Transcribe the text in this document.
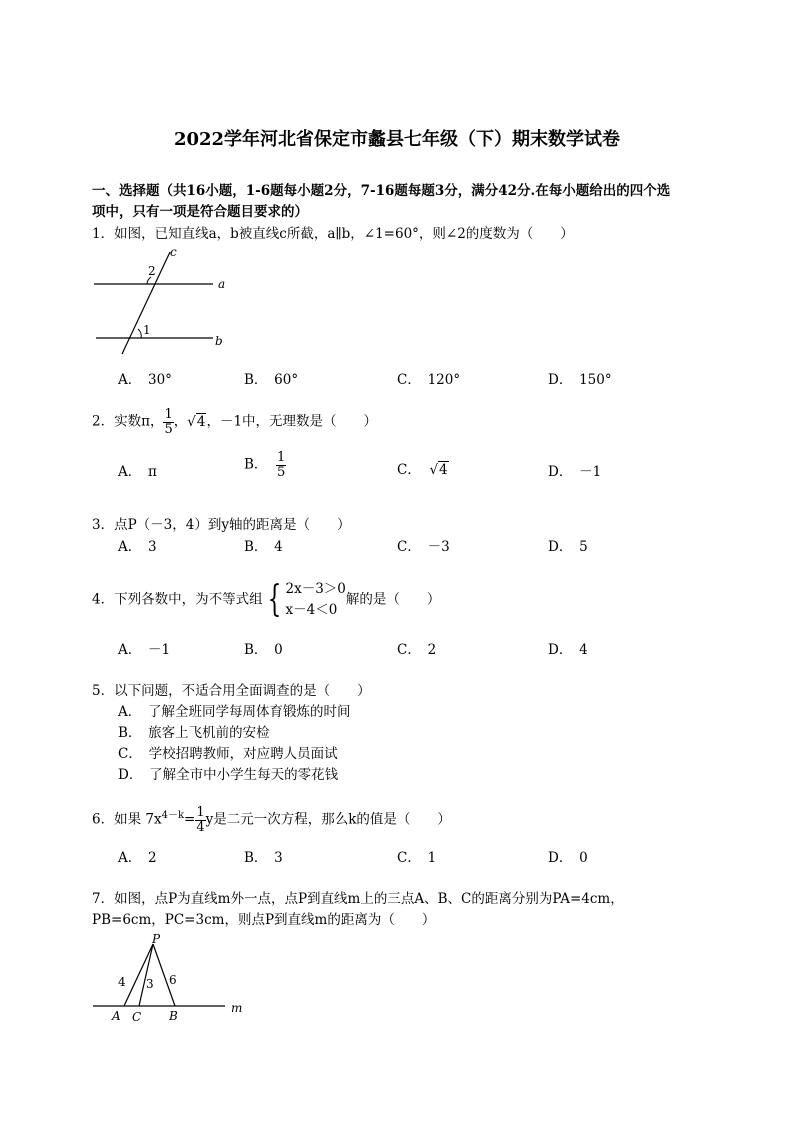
2022学年河北省保定市蠡县七年级（下）期末数学试卷
一、选择题（共16小题，1-6题每小题2分，7-16题每题3分，满分42分.在每小题给出的四个选
项中，只有一项是符合题目要求的）
1．如图，已知直线a，b被直线c所截，a∥b，∠1=60°，则∠2的度数为（　　）
c
a
b
2
1
A．　30°	B．　60°	C．　120°	D．　150°
2．实数π， $\frac{1}{5}$ ，√4，－1中，无理数是（　　）
A．　π	B． $\frac{1}{5}$	C． √4	D．　－1
3．点P（－3，4）到y轴的距离是（　　）
A．　3	B．　4	C．　－3	D．　5
4．下列各数中，为不等式组 { 2x－3＞0
x－4＜0
解的是（　　）
A．　－1	B．　0	C．　2	D．　4
5．以下问题，不适合用全面调查的是（　　）
A．　了解全班同学每周体育锻炼的时间
B．　旅客上飞机前的安检
C．　学校招聘教师，对应聘人员面试
D．　了解全市中小学生每天的零花钱
6．如果 $7x^{4-k}= \frac{1}{4}$ y是二元一次方程，那么k的值是（　　）
A．　2	B．　3	C．　1	D．　0
7．如图，点P为直线m外一点，点P到直线m上的三点A、B、C的距离分别为PA=4cm，
PB=6cm，PC=3cm，则点P到直线m的距离为（　　）
P
4 3 6
A C B
m
